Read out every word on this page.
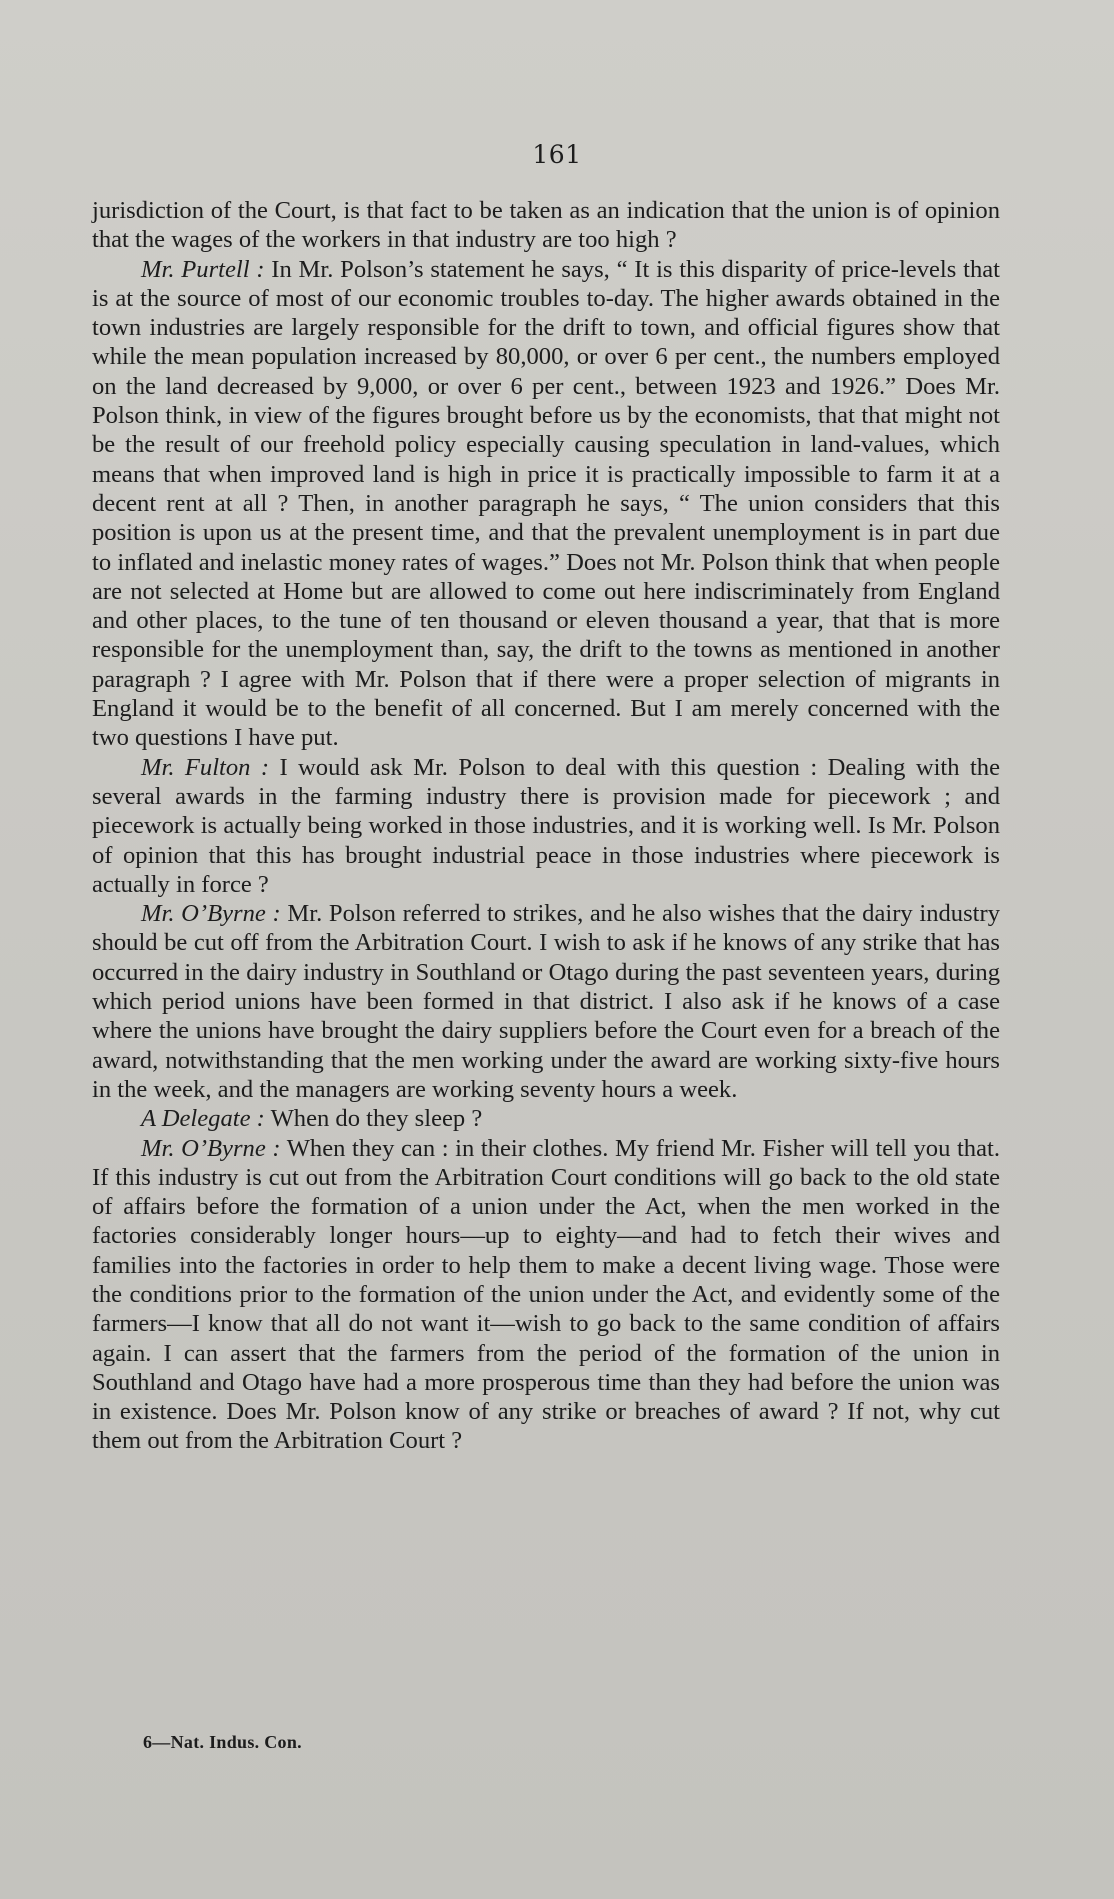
161

jurisdiction of the Court, is that fact to be taken as an indication that the union is of opinion that the wages of the workers in that industry are too high ?

Mr. Purtell : In Mr. Polson’s statement he says, “ It is this disparity of price-levels that is at the source of most of our economic troubles to-day. The higher awards obtained in the town industries are largely responsible for the drift to town, and official figures show that while the mean population increased by 80,000, or over 6 per cent., the numbers employed on the land decreased by 9,000, or over 6 per cent., between 1923 and 1926.” Does Mr. Polson think, in view of the figures brought before us by the economists, that that might not be the result of our freehold policy especially causing speculation in land-values, which means that when improved land is high in price it is practically impossible to farm it at a decent rent at all ? Then, in another paragraph he says, “ The union considers that this position is upon us at the present time, and that the prevalent unemployment is in part due to inflated and inelastic money rates of wages.” Does not Mr. Polson think that when people are not selected at Home but are allowed to come out here indiscriminately from England and other places, to the tune of ten thousand or eleven thousand a year, that that is more responsible for the unemployment than, say, the drift to the towns as mentioned in another paragraph ? I agree with Mr. Polson that if there were a proper selection of migrants in England it would be to the benefit of all concerned. But I am merely concerned with the two questions I have put.

Mr. Fulton : I would ask Mr. Polson to deal with this question : Dealing with the several awards in the farming industry there is provision made for piecework ; and piecework is actually being worked in those industries, and it is working well. Is Mr. Polson of opinion that this has brought industrial peace in those industries where piecework is actually in force ?

Mr. O’Byrne : Mr. Polson referred to strikes, and he also wishes that the dairy industry should be cut off from the Arbitration Court. I wish to ask if he knows of any strike that has occurred in the dairy industry in Southland or Otago during the past seventeen years, during which period unions have been formed in that district. I also ask if he knows of a case where the unions have brought the dairy suppliers before the Court even for a breach of the award, notwithstanding that the men working under the award are working sixty-five hours in the week, and the managers are working seventy hours a week.

A Delegate : When do they sleep ?

Mr. O’Byrne : When they can : in their clothes. My friend Mr. Fisher will tell you that. If this industry is cut out from the Arbitration Court conditions will go back to the old state of affairs before the formation of a union under the Act, when the men worked in the factories considerably longer hours—up to eighty—and had to fetch their wives and families into the factories in order to help them to make a decent living wage. Those were the conditions prior to the formation of the union under the Act, and evidently some of the farmers—I know that all do not want it—wish to go back to the same condition of affairs again. I can assert that the farmers from the period of the formation of the union in Southland and Otago have had a more prosperous time than they had before the union was in existence. Does Mr. Polson know of any strike or breaches of award ? If not, why cut them out from the Arbitration Court ?

6—Nat. Indus. Con.
